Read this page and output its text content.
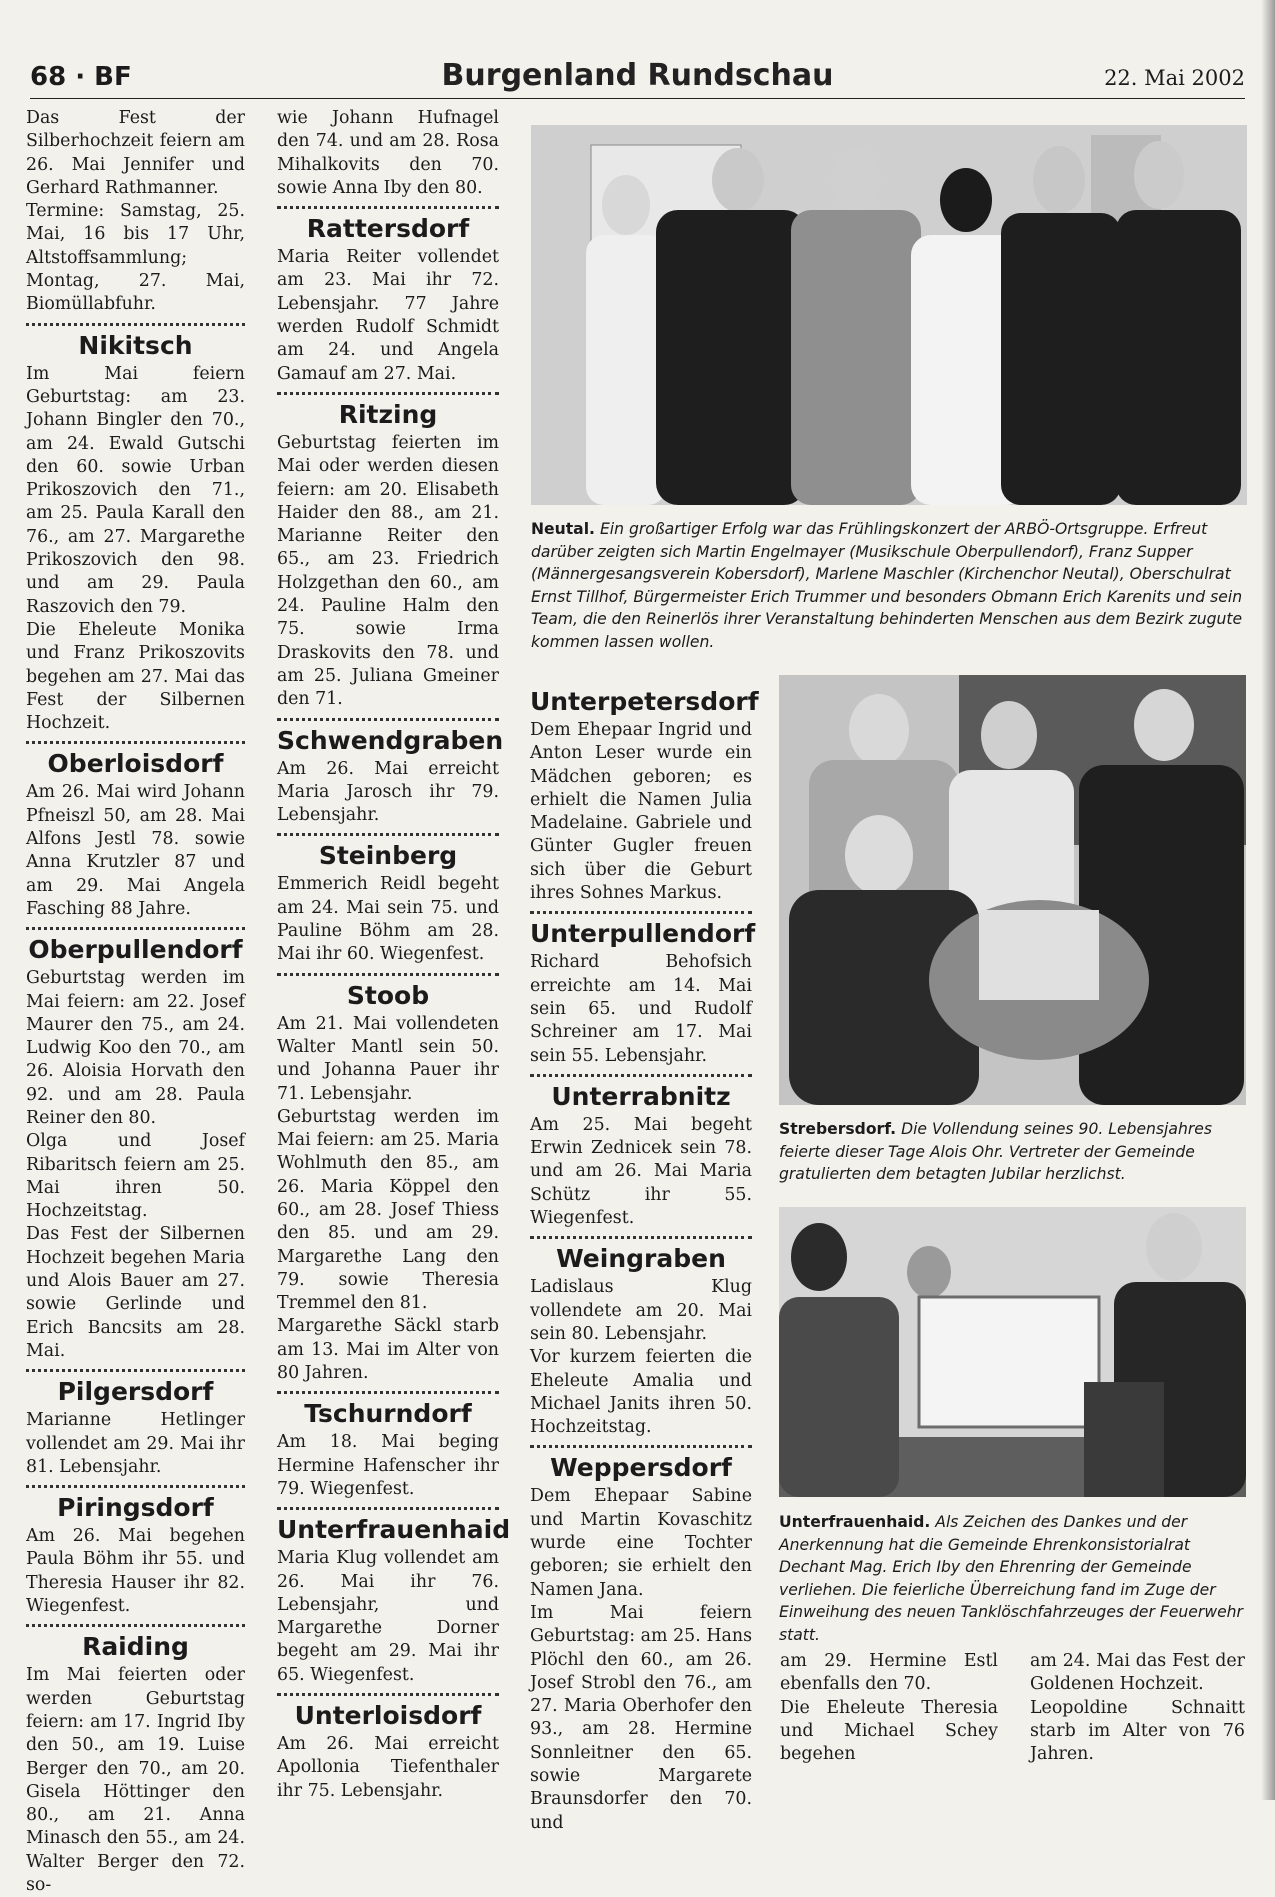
68 · BF	Burgenland Rundschau	22. Mai 2002

Das Fest der Silberhochzeit feiern am 26. Mai Jennifer und Gerhard Rathmanner.

Termine: Samstag, 25. Mai, 16 bis 17 Uhr, Altstoffsammlung; Montag, 27. Mai, Biomüllabfuhr.

Nikitsch

Im Mai feiern Geburtstag: am 23. Johann Bingler den 70., am 24. Ewald Gutschi den 60. sowie Urban Prikoszovich den 71., am 25. Paula Karall den 76., am 27. Margarethe Prikoszovich den 98. und am 29. Paula Raszovich den 79.

Die Eheleute Monika und Franz Prikoszovits begehen am 27. Mai das Fest der Silbernen Hochzeit.

Oberloisdorf

Am 26. Mai wird Johann Pfneiszl 50, am 28. Mai Alfons Jestl 78. sowie Anna Krutzler 87 und am 29. Mai Angela Fasching 88 Jahre.

Oberpullendorf

Geburtstag werden im Mai feiern: am 22. Josef Maurer den 75., am 24. Ludwig Koo den 70., am 26. Aloisia Horvath den 92. und am 28. Paula Reiner den 80.

Olga und Josef Ribaritsch feiern am 25. Mai ihren 50. Hochzeitstag.

Das Fest der Silbernen Hochzeit begehen Maria und Alois Bauer am 27. sowie Gerlinde und Erich Bancsits am 28. Mai.

Pilgersdorf

Marianne Hetlinger vollendet am 29. Mai ihr 81. Lebensjahr.

Piringsdorf

Am 26. Mai begehen Paula Böhm ihr 55. und Theresia Hauser ihr 82. Wiegenfest.

Raiding

Im Mai feierten oder werden Geburtstag feiern: am 17. Ingrid Iby den 50., am 19. Luise Berger den 70., am 20. Gisela Höttinger den 80., am 21. Anna Minasch den 55., am 24. Walter Berger den 72. so-

wie Johann Hufnagel den 74. und am 28. Rosa Mihalkovits den 70. sowie Anna Iby den 80.

Rattersdorf

Maria Reiter vollendet am 23. Mai ihr 72. Lebensjahr. 77 Jahre werden Rudolf Schmidt am 24. und Angela Gamauf am 27. Mai.

Ritzing

Geburtstag feierten im Mai oder werden diesen feiern: am 20. Elisabeth Haider den 88., am 21. Marianne Reiter den 65., am 23. Friedrich Holzgethan den 60., am 24. Pauline Halm den 75. sowie Irma Draskovits den 78. und am 25. Juliana Gmeiner den 71.

Schwendgraben

Am 26. Mai erreicht Maria Jarosch ihr 79. Lebensjahr.

Steinberg

Emmerich Reidl begeht am 24. Mai sein 75. und Pauline Böhm am 28. Mai ihr 60. Wiegenfest.

Stoob

Am 21. Mai vollendeten Walter Mantl sein 50. und Johanna Pauer ihr 71. Lebensjahr.

Geburtstag werden im Mai feiern: am 25. Maria Wohlmuth den 85., am 26. Maria Köppel den 60., am 28. Josef Thiess den 85. und am 29. Margarethe Lang den 79. sowie Theresia Tremmel den 81.

Margarethe Säckl starb am 13. Mai im Alter von 80 Jahren.

Tschurndorf

Am 18. Mai beging Hermine Hafenscher ihr 79. Wiegenfest.

Unterfrauenhaid

Maria Klug vollendet am 26. Mai ihr 76. Lebensjahr, und Margarethe Dorner begeht am 29. Mai ihr 65. Wiegenfest.

Unterloisdorf

Am 26. Mai erreicht Apollonia Tiefenthaler ihr 75. Lebensjahr.

Unterpetersdorf

Dem Ehepaar Ingrid und Anton Leser wurde ein Mädchen geboren; es erhielt die Namen Julia Madelaine. Gabriele und Günter Gugler freuen sich über die Geburt ihres Sohnes Markus.

Unterpullendorf

Richard Behofsich erreichte am 14. Mai sein 65. und Rudolf Schreiner am 17. Mai sein 55. Lebensjahr.

Unterrabnitz

Am 25. Mai begeht Erwin Zednicek sein 78. und am 26. Mai Maria Schütz ihr 55. Wiegenfest.

Weingraben

Ladislaus Klug vollendete am 20. Mai sein 80. Lebensjahr.

Vor kurzem feierten die Eheleute Amalia und Michael Janits ihren 50. Hochzeitstag.

Weppersdorf

Dem Ehepaar Sabine und Martin Kovaschitz wurde eine Tochter geboren; sie erhielt den Namen Jana.

Im Mai feiern Geburtstag: am 25. Hans Plöchl den 60., am 26. Josef Strobl den 76., am 27. Maria Oberhofer den 93., am 28. Hermine Sonnleitner den 65. sowie Margarete Braunsdorfer den 70. und

am 29. Hermine Estl ebenfalls den 70.

Die Eheleute Theresia und Michael Schey begehen

am 24. Mai das Fest der Goldenen Hochzeit.

Leopoldine Schnaitt starb im Alter von 76 Jahren.

Neutal. Ein großartiger Erfolg war das Frühlingskonzert der ARBÖ-Ortsgruppe. Erfreut darüber zeigten sich Martin Engelmayer (Musikschule Oberpullendorf), Franz Supper (Männergesangsverein Kobersdorf), Marlene Maschler (Kirchenchor Neutal), Oberschulrat Ernst Tillhof, Bürgermeister Erich Trummer und besonders Obmann Erich Karenits und sein Team, die den Reinerlös ihrer Veranstaltung behinderten Menschen aus dem Bezirk zugute kommen lassen wollen.

Strebersdorf. Die Vollendung seines 90. Lebensjahres feierte dieser Tage Alois Ohr. Vertreter der Gemeinde gratulierten dem betagten Jubilar herzlichst.

Unterfrauenhaid. Als Zeichen des Dankes und der Anerkennung hat die Gemeinde Ehrenkonsistorialrat Dechant Mag. Erich Iby den Ehrenring der Gemeinde verliehen. Die feierliche Überreichung fand im Zuge der Einweihung des neuen Tanklöschfahrzeuges der Feuerwehr statt.
